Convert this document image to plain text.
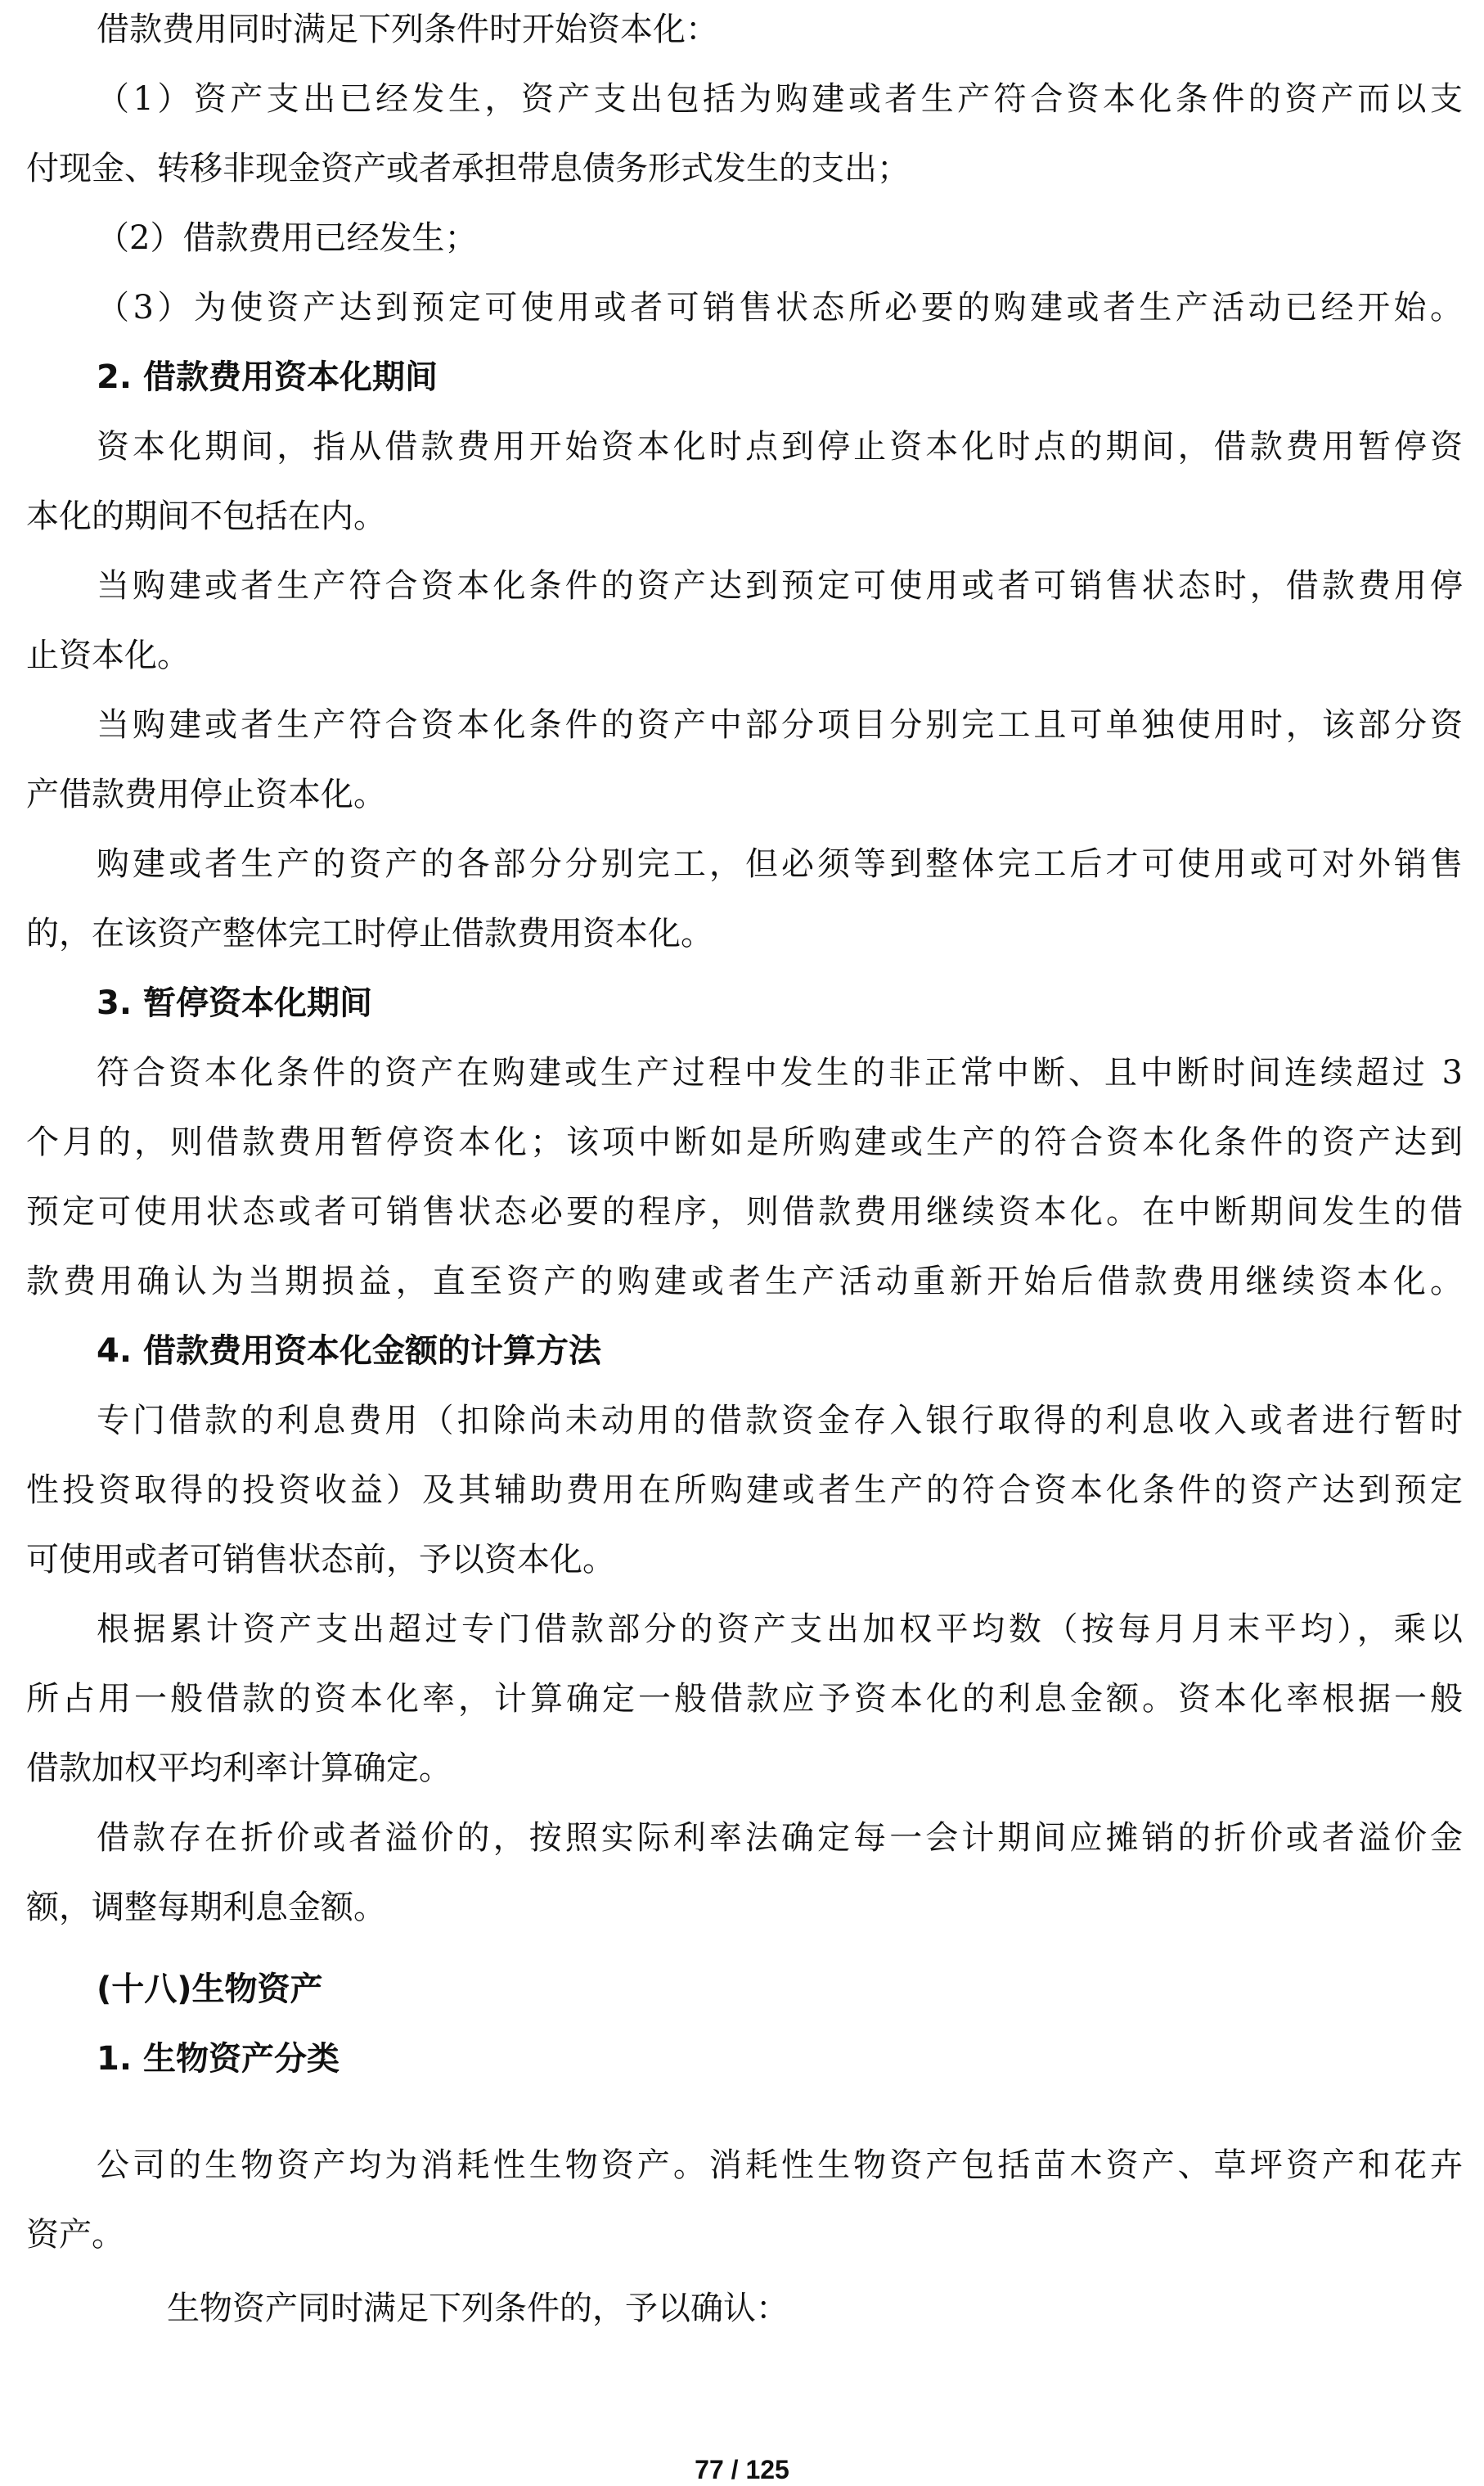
借款费用同时满足下列条件时开始资本化：
（1）资产支出已经发生，资产支出包括为购建或者生产符合资本化条件的资产而以支
付现金、转移非现金资产或者承担带息债务形式发生的支出；
（2）借款费用已经发生；
（3）为使资产达到预定可使用或者可销售状态所必要的购建或者生产活动已经开始。
2. 借款费用资本化期间
资本化期间，指从借款费用开始资本化时点到停止资本化时点的期间，借款费用暂停资
本化的期间不包括在内。
当购建或者生产符合资本化条件的资产达到预定可使用或者可销售状态时，借款费用停
止资本化。
当购建或者生产符合资本化条件的资产中部分项目分别完工且可单独使用时，该部分资
产借款费用停止资本化。
购建或者生产的资产的各部分分别完工，但必须等到整体完工后才可使用或可对外销售
的，在该资产整体完工时停止借款费用资本化。
3. 暂停资本化期间
符合资本化条件的资产在购建或生产过程中发生的非正常中断、且中断时间连续超过 3
个月的，则借款费用暂停资本化；该项中断如是所购建或生产的符合资本化条件的资产达到
预定可使用状态或者可销售状态必要的程序，则借款费用继续资本化。在中断期间发生的借
款费用确认为当期损益，直至资产的购建或者生产活动重新开始后借款费用继续资本化。
4. 借款费用资本化金额的计算方法
专门借款的利息费用（扣除尚未动用的借款资金存入银行取得的利息收入或者进行暂时
性投资取得的投资收益）及其辅助费用在所购建或者生产的符合资本化条件的资产达到预定
可使用或者可销售状态前，予以资本化。
根据累计资产支出超过专门借款部分的资产支出加权平均数（按每月月末平均），乘以
所占用一般借款的资本化率，计算确定一般借款应予资本化的利息金额。资本化率根据一般
借款加权平均利率计算确定。
借款存在折价或者溢价的，按照实际利率法确定每一会计期间应摊销的折价或者溢价金
额，调整每期利息金额。
(十八)生物资产
1. 生物资产分类
公司的生物资产均为消耗性生物资产。消耗性生物资产包括苗木资产、草坪资产和花卉
资产。
生物资产同时满足下列条件的，予以确认：
77 / 125
